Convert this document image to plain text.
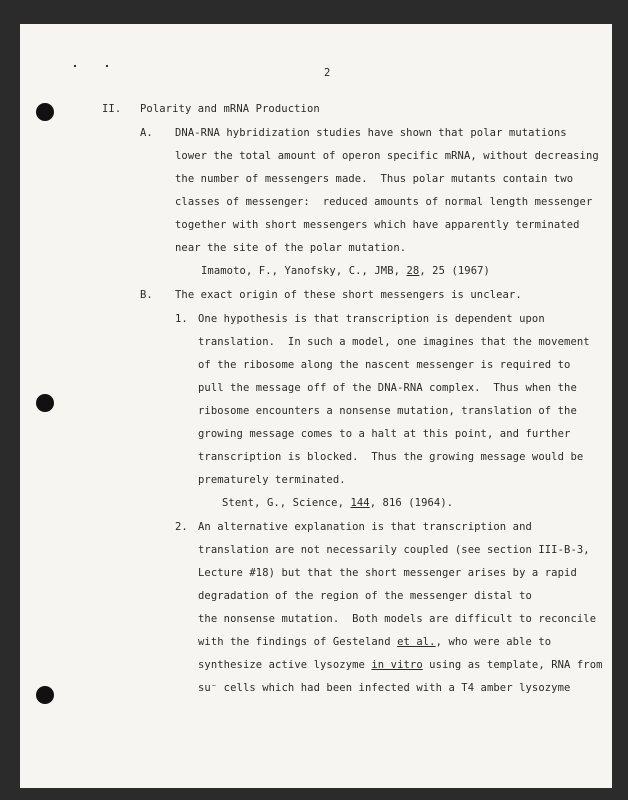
2
II. Polarity and mRNA Production
A. DNA-RNA hybridization studies have shown that polar mutations
lower the total amount of operon specific mRNA, without decreasing
the number of messengers made.  Thus polar mutants contain two
classes of messenger:  reduced amounts of normal length messenger
together with short messengers which have apparently terminated
near the site of the polar mutation.
Imamoto, F., Yanofsky, C., JMB, 28, 25 (1967)
B. The exact origin of these short messengers is unclear.
1. One hypothesis is that transcription is dependent upon
translation.  In such a model, one imagines that the movement
of the ribosome along the nascent messenger is required to
pull the message off of the DNA-RNA complex.  Thus when the
ribosome encounters a nonsense mutation, translation of the
growing message comes to a halt at this point, and further
transcription is blocked.  Thus the growing message would be
prematurely terminated.
Stent, G., Science, 144, 816 (1964).
2. An alternative explanation is that transcription and
translation are not necessarily coupled (see section III-B-3,
Lecture #18) but that the short messenger arises by a rapid
degradation of the region of the messenger distal to
the nonsense mutation.  Both models are difficult to reconcile
with the findings of Gesteland et al., who were able to
synthesize active lysozyme in vitro using as template, RNA from
su⁻ cells which had been infected with a T4 amber lysozyme
